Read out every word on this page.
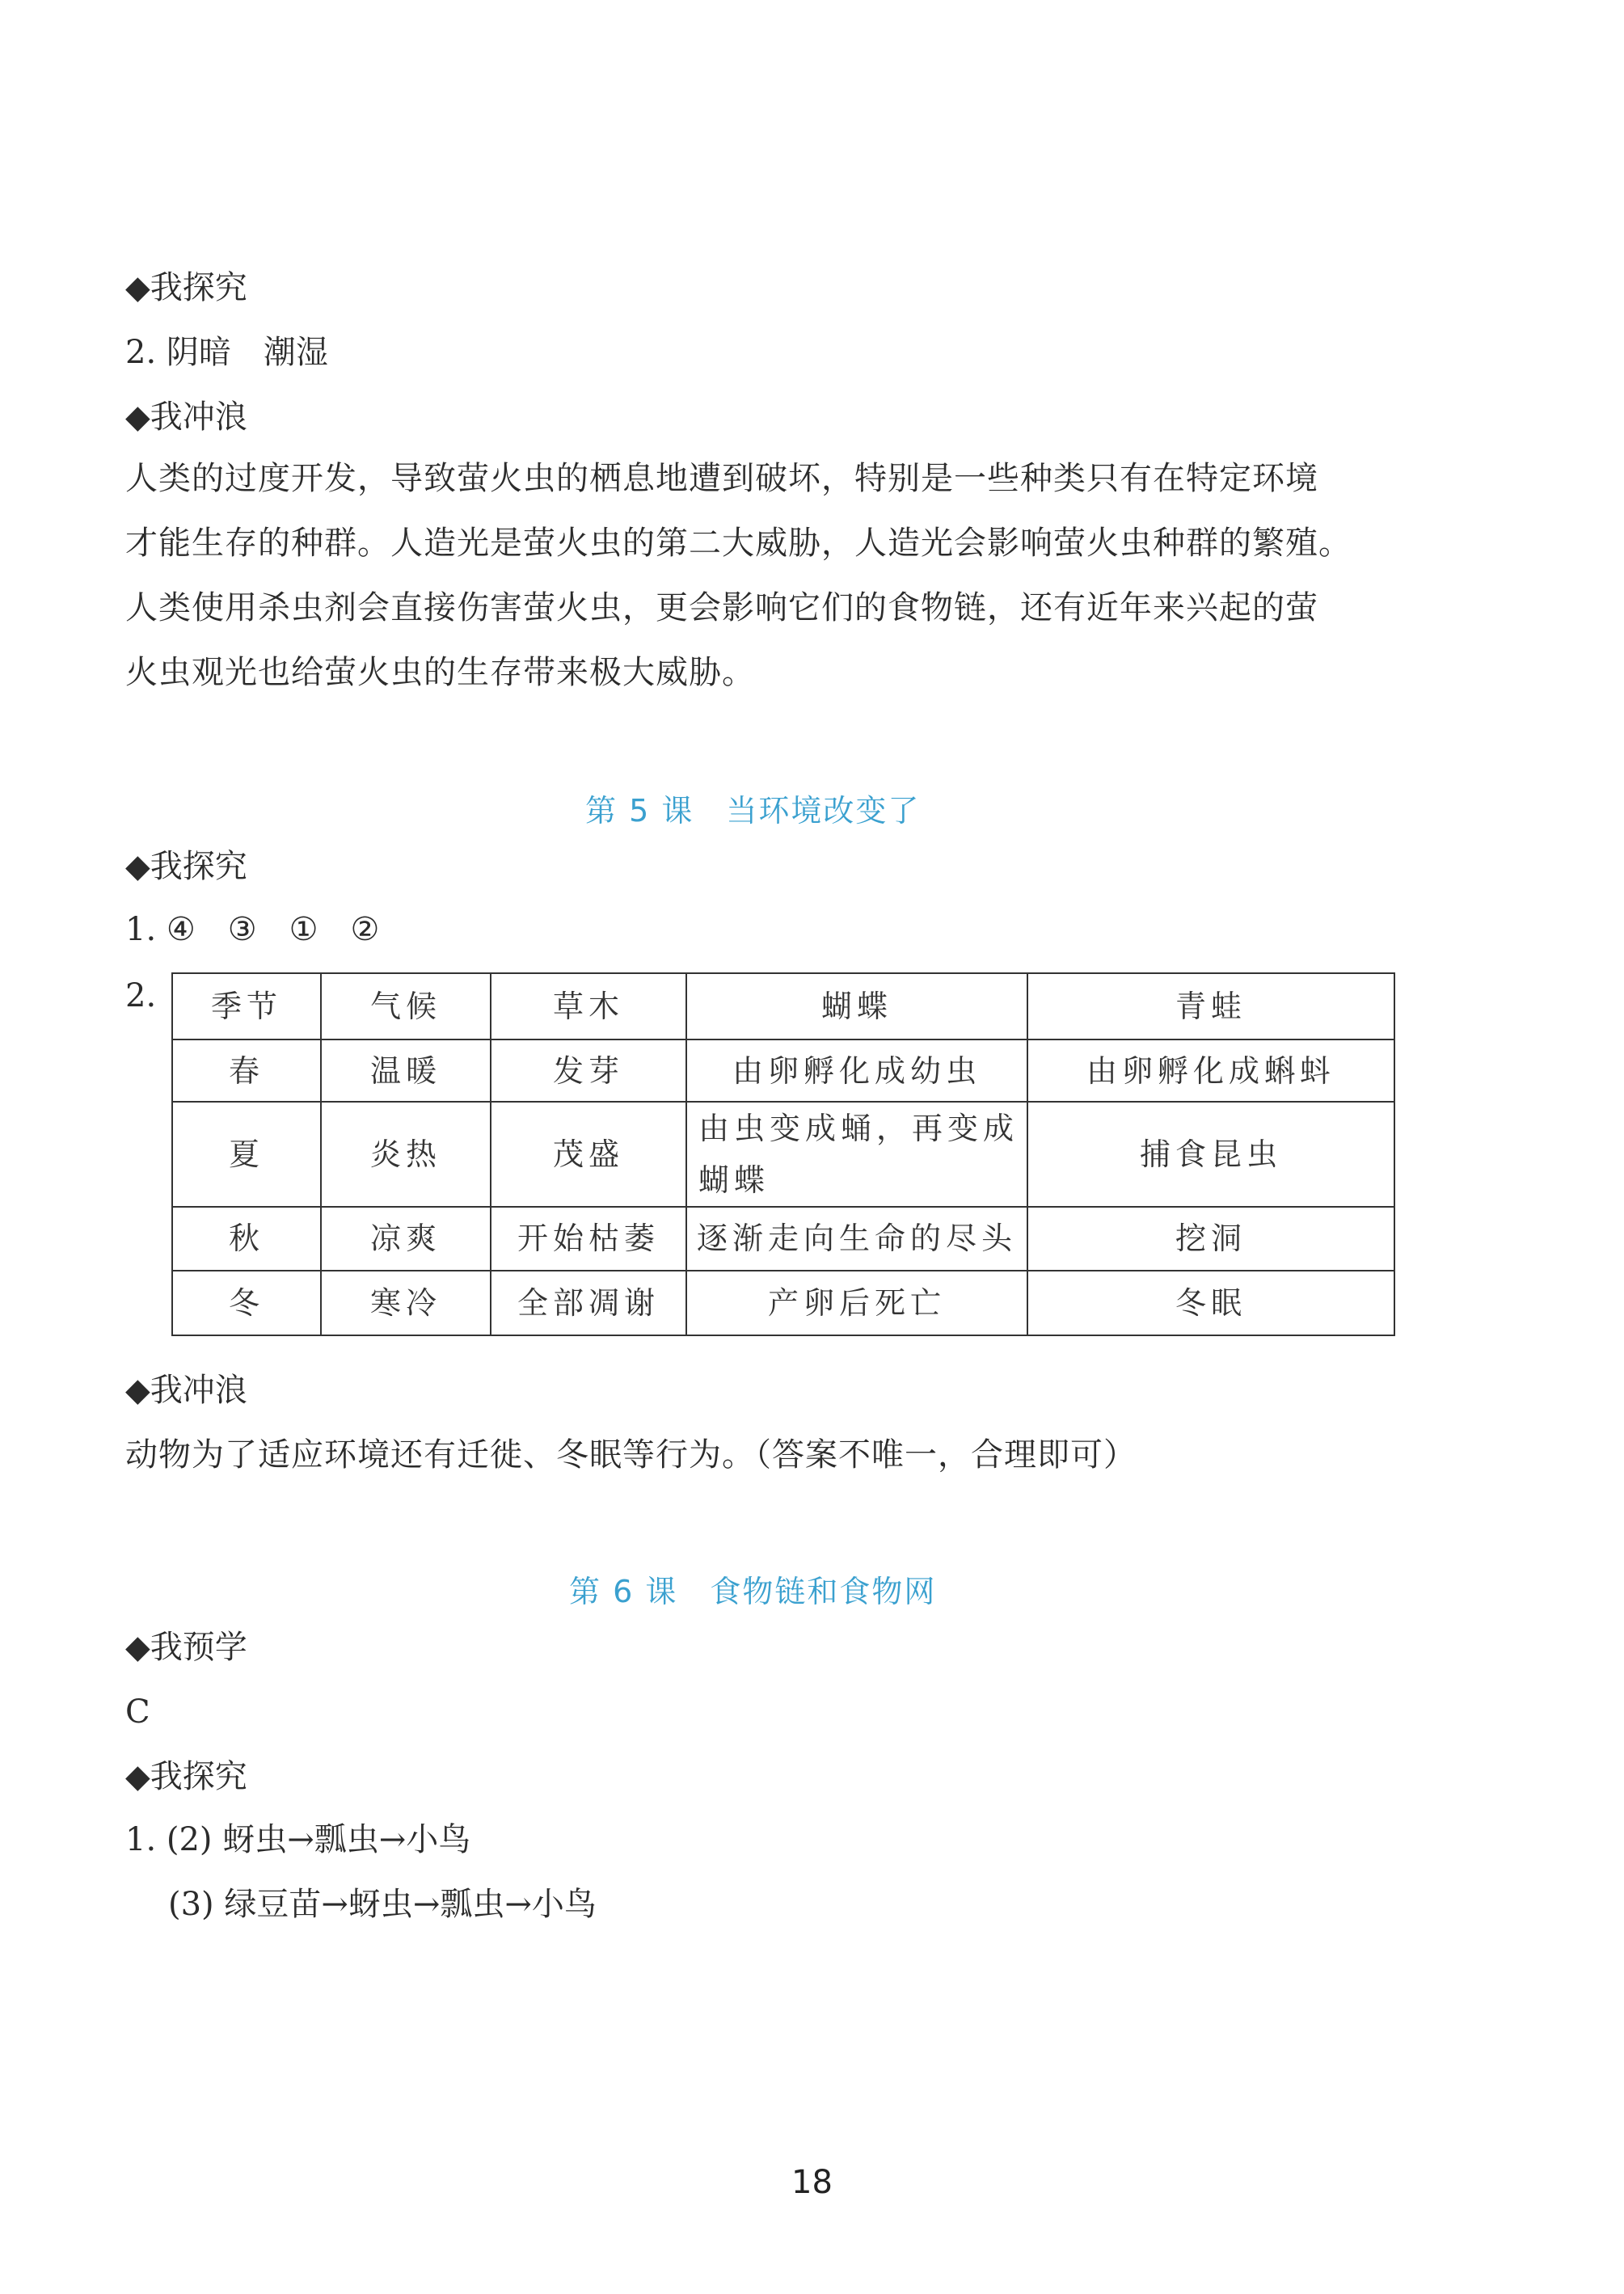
◆我探究
2. 阴暗　潮湿
◆我冲浪
人类的过度开发，导致萤火虫的栖息地遭到破坏，特别是一些种类只有在特定环境
才能生存的种群。人造光是萤火虫的第二大威胁，人造光会影响萤火虫种群的繁殖。
人类使用杀虫剂会直接伤害萤火虫，更会影响它们的食物链，还有近年来兴起的萤
火虫观光也给萤火虫的生存带来极大威胁。
第 5 课　当环境改变了
◆我探究
1. ④　③　①　②
2. 季节	气候	草木	蝴蝶	青蛙
春	温暖	发芽	由卵孵化成幼虫	由卵孵化成蝌蚪
夏	炎热	茂盛	由虫变成蛹，再变成蝴蝶	捕食昆虫
秋	凉爽	开始枯萎	逐渐走向生命的尽头	挖洞
冬	寒冷	全部凋谢	产卵后死亡	冬眠
◆我冲浪
动物为了适应环境还有迁徙、冬眠等行为。（答案不唯一，合理即可）
第 6 课　食物链和食物网
◆我预学
C
◆我探究
1. (2) 蚜虫→瓢虫→小鸟
(3) 绿豆苗→蚜虫→瓢虫→小鸟
18
